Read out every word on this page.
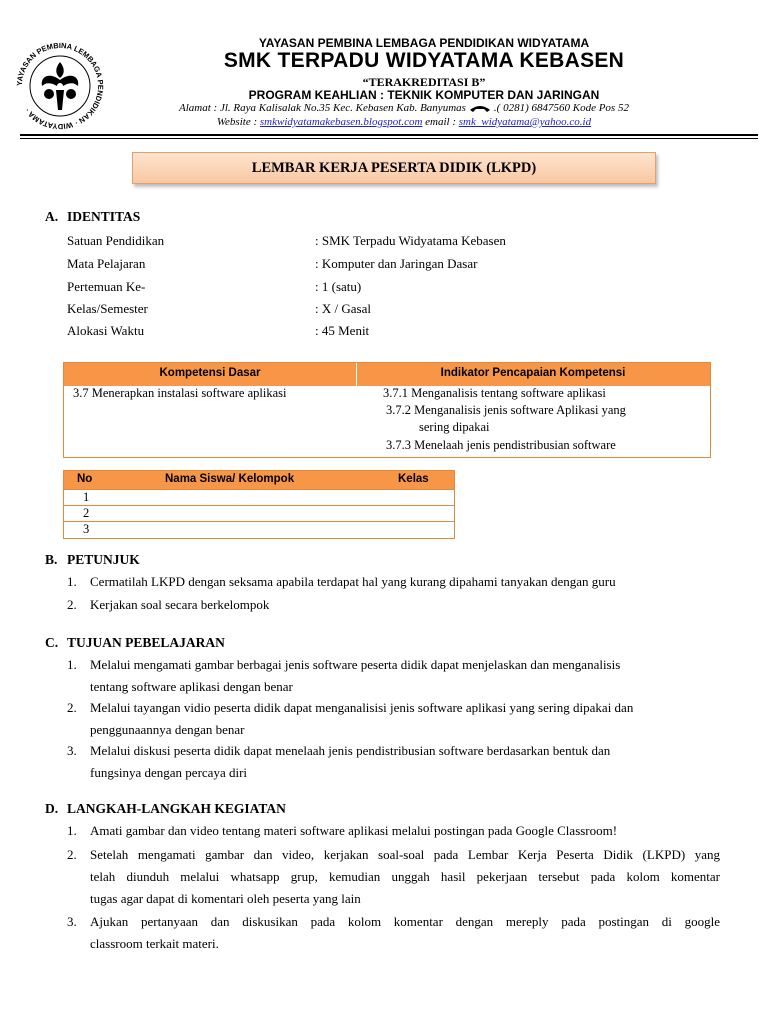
YAYASAN PEMBINA LEMBAGA PENDIDIKAN · WIDYATAMA ·
YAYASAN PEMBINA LEMBAGA PENDIDIKAN WIDYATAMA
SMK TERPADU WIDYATAMA KEBASEN
“TERAKREDITASI B”
PROGRAM KEAHLIAN : TEKNIK KOMPUTER DAN JARINGAN
Alamat : Jl. Raya Kalisalak No.35 Kec. Kebasen Kab. Banyumas	.( 0281) 6847560 Kode Pos 52
Website : smkwidyatamakebasen.blogspot.com email : smk_widyatama@yahoo.co.id
LEMBAR KERJA PESERTA DIDIK (LKPD)
A. IDENTITAS
Satuan Pendidikan	: SMK Terpadu Widyatama Kebasen
Mata Pelajaran	: Komputer dan Jaringan Dasar
Pertemuan Ke-	: 1 (satu)
Kelas/Semester	: X / Gasal
Alokasi Waktu	: 45 Menit
Kompetensi Dasar	Indikator Pencapaian Kompetensi
3.7 Menerapkan instalasi software aplikasi	3.7.1 Menganalisis tentang software aplikasi
3.7.2 Menganalisis jenis software Aplikasi yang
sering dipakai
3.7.3 Menelaah jenis pendistribusian software
No	Nama Siswa/ Kelompok	Kelas
1
2
3
B. PETUNJUK
1. Cermatilah LKPD dengan seksama apabila terdapat hal yang kurang dipahami tanyakan dengan guru
2. Kerjakan soal secara berkelompok
C. TUJUAN PEBELAJARAN
1. Melalui mengamati gambar berbagai jenis software peserta didik dapat menjelaskan dan menganalisis
tentang software aplikasi dengan benar
2. Melalui tayangan vidio peserta didik dapat menganalisisi jenis software aplikasi yang sering dipakai dan
penggunaannya dengan benar
3. Melalui diskusi peserta didik dapat menelaah jenis pendistribusian software berdasarkan bentuk dan
fungsinya dengan percaya diri
D. LANGKAH-LANGKAH KEGIATAN
1. Amati gambar dan video tentang materi software aplikasi melalui postingan pada Google Classroom!
2. Setelah mengamati gambar dan video, kerjakan soal-soal pada Lembar Kerja Peserta Didik (LKPD) yang
telah diunduh melalui whatsapp grup, kemudian unggah hasil pekerjaan tersebut pada kolom komentar
tugas agar dapat di komentari oleh peserta yang lain
3. Ajukan pertanyaan dan diskusikan pada kolom komentar dengan mereply pada postingan di google
classroom terkait materi.
